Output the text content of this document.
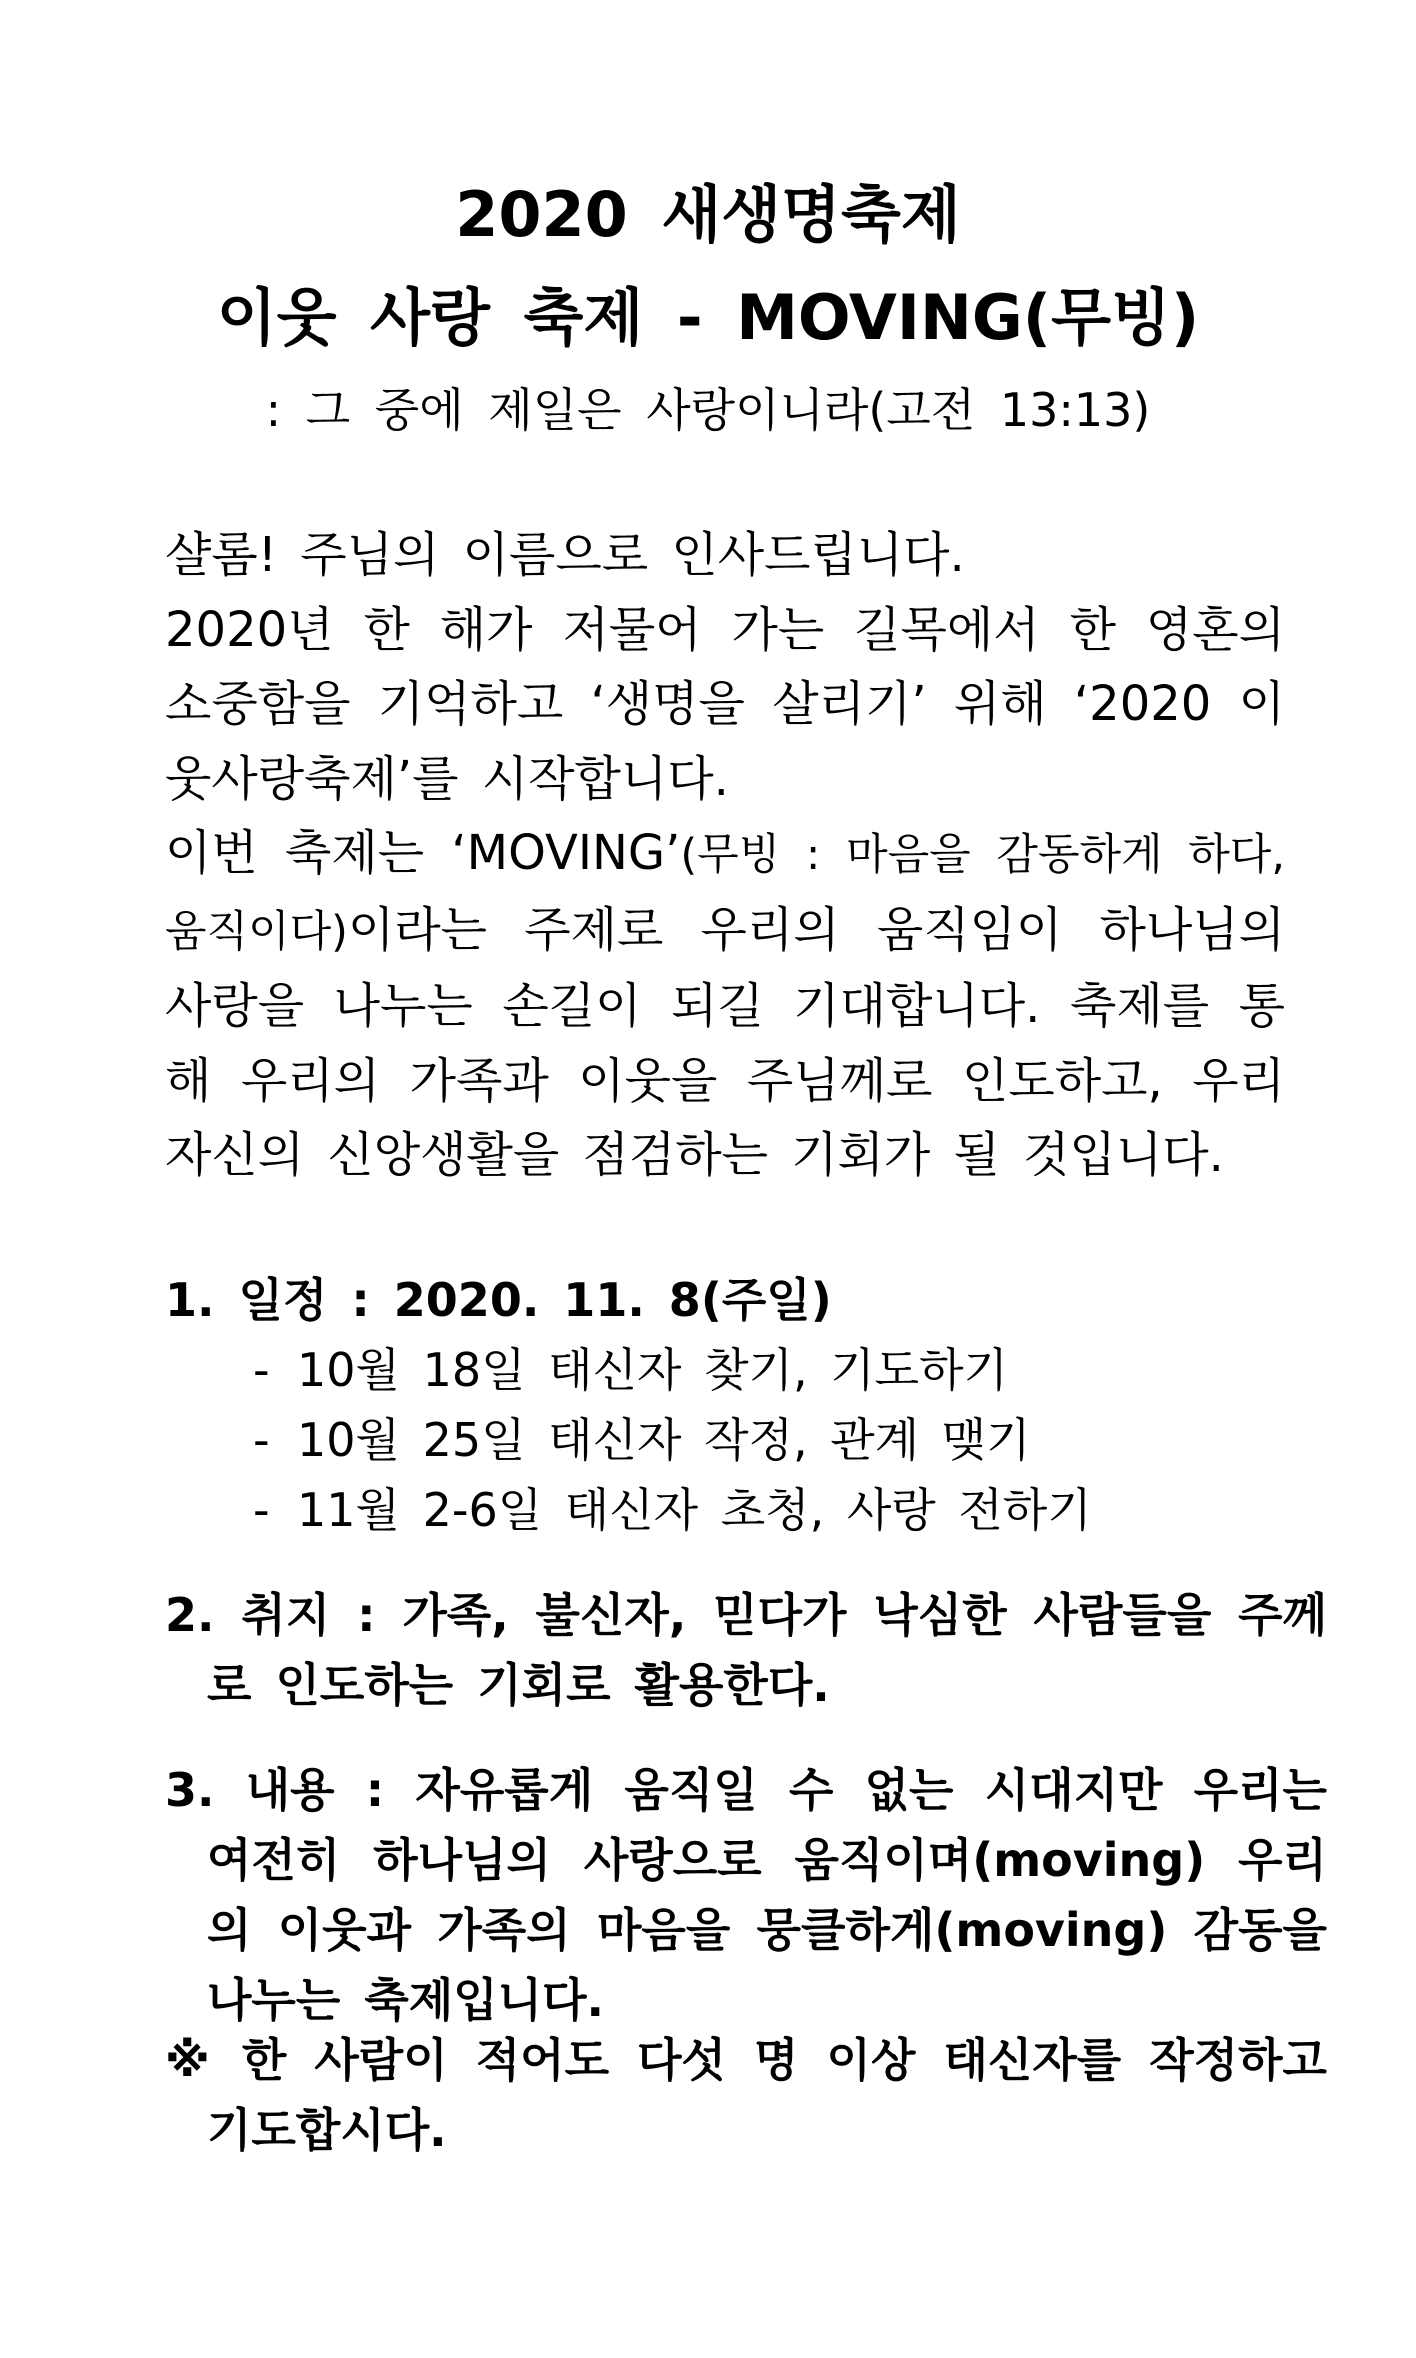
2020 새생명축제
이웃 사랑 축제 - MOVING(무빙)
: 그 중에 제일은 사랑이니라(고전 13:13)

샬롬! 주님의 이름으로 인사드립니다.

2020년 한 해가 저물어 가는 길목에서 한 영혼의 소중함을 기억하고 ‘생명을 살리기’ 위해 ‘2020 이웃사랑축제’를 시작합니다.

이번 축제는 ‘MOVING’(무빙 : 마음을 감동하게 하다, 움직이다)이라는 주제로 우리의 움직임이 하나님의 사랑을 나누는 손길이 되길 기대합니다. 축제를 통해 우리의 가족과 이웃을 주님께로 인도하고, 우리 자신의 신앙생활을 점검하는 기회가 될 것입니다.

1. 일정 : 2020. 11. 8(주일)
- 10월 18일 태신자 찾기, 기도하기
- 10월 25일 태신자 작정, 관계 맺기
- 11월 2-6일 태신자 초청, 사랑 전하기
2. 취지 : 가족, 불신자, 믿다가 낙심한 사람들을 주께로 인도하는 기회로 활용한다.
3. 내용 : 자유롭게 움직일 수 없는 시대지만 우리는 여전히 하나님의 사랑으로 움직이며(moving) 우리의 이웃과 가족의 마음을 뭉클하게(moving) 감동을 나누는 축제입니다.
※ 한 사람이 적어도 다섯 명 이상 태신자를 작정하고 기도합시다.
